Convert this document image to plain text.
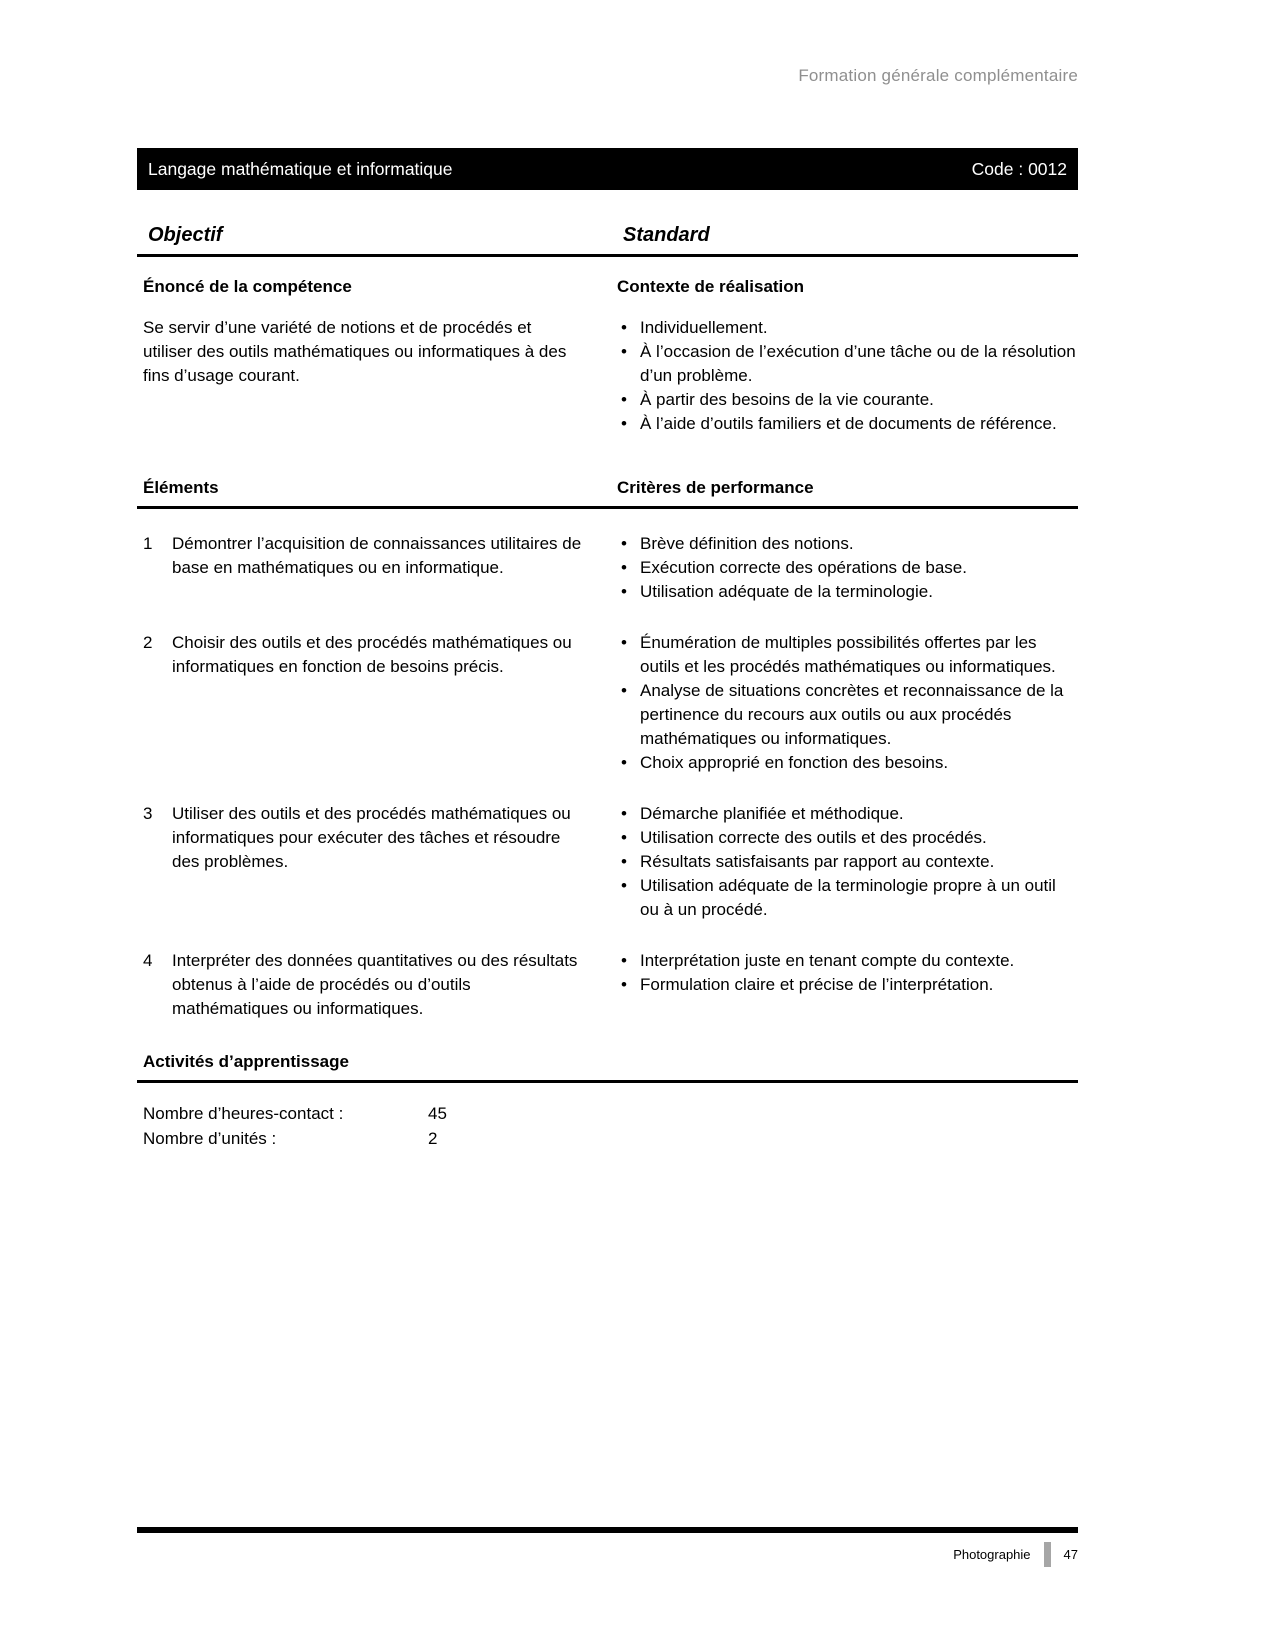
Formation générale complémentaire
Langage mathématique et informatique	Code : 0012
Objectif	Standard
Énoncé de la compétence	Contexte de réalisation
Se servir d’une variété de notions et de procédés et utiliser des outils mathématiques ou informatiques à des fins d’usage courant.
• Individuellement.
• À l’occasion de l’exécution d’une tâche ou de la résolution d’un problème.
• À partir des besoins de la vie courante.
• À l’aide d’outils familiers et de documents de référence.
Éléments	Critères de performance
1	Démontrer l’acquisition de connaissances utilitaires de base en mathématiques ou en informatique.
• Brève définition des notions.
• Exécution correcte des opérations de base.
• Utilisation adéquate de la terminologie.
2	Choisir des outils et des procédés mathématiques ou informatiques en fonction de besoins précis.
• Énumération de multiples possibilités offertes par les outils et les procédés mathématiques ou informatiques.
• Analyse de situations concrètes et reconnaissance de la pertinence du recours aux outils ou aux procédés mathématiques ou informatiques.
• Choix approprié en fonction des besoins.
3	Utiliser des outils et des procédés mathématiques ou informatiques pour exécuter des tâches et résoudre des problèmes.
• Démarche planifiée et méthodique.
• Utilisation correcte des outils et des procédés.
• Résultats satisfaisants par rapport au contexte.
• Utilisation adéquate de la terminologie propre à un outil ou à un procédé.
4	Interpréter des données quantitatives ou des résultats obtenus à l’aide de procédés ou d’outils mathématiques ou informatiques.
• Interprétation juste en tenant compte du contexte.
• Formulation claire et précise de l’interprétation.
Activités d’apprentissage
Nombre d’heures-contact :	45
Nombre d’unités :	2
Photographie	47
